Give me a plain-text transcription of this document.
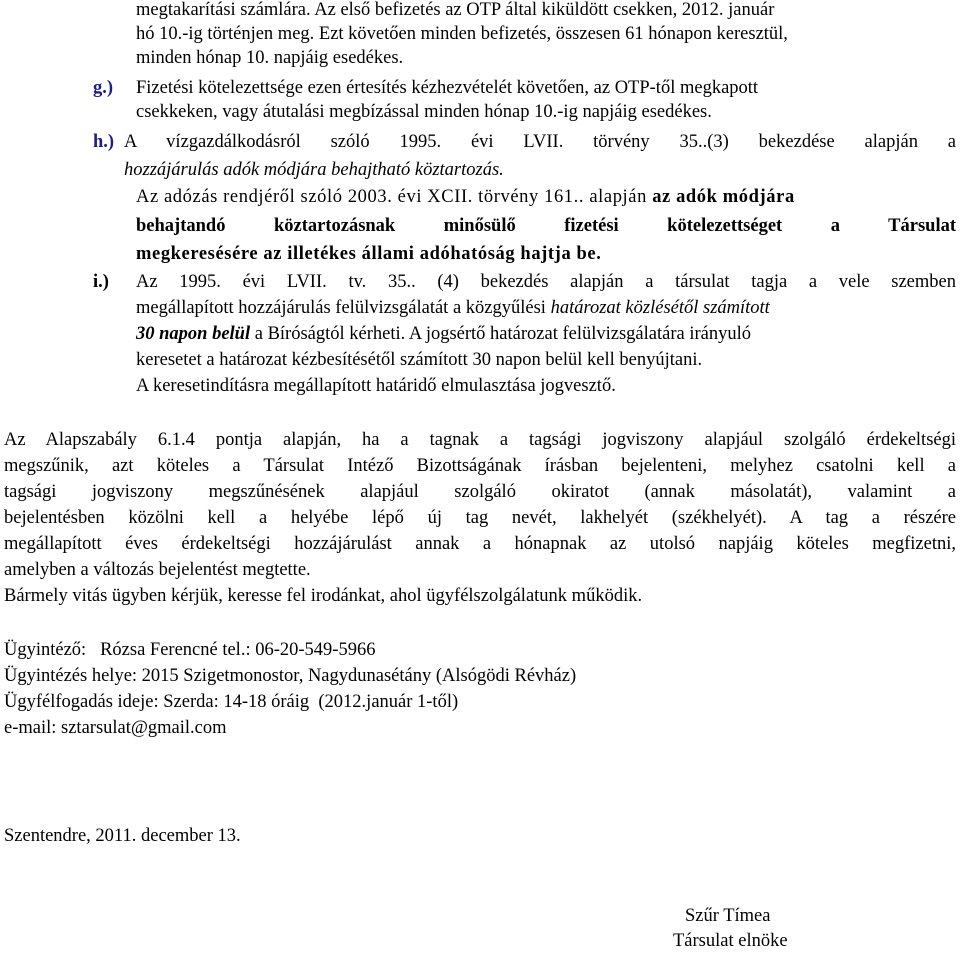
megtakarítási számlára. Az első befizetés az OTP által kiküldött csekken, 2012. január
hó 10.-ig történjen meg. Ezt követően minden befizetés, összesen 61 hónapon keresztül,
minden hónap 10. napjáig esedékes.
g.) Fizetési kötelezettsége ezen értesítés kézhezvételét követően, az OTP-től megkapott
csekkeken, vagy átutalási megbízással minden hónap 10.-ig napjáig esedékes.
h.) A vízgazdálkodásról szóló 1995. évi LVII. törvény 35..(3) bekezdése alapján a
hozzájárulás adók módjára behajtható köztartozás.
Az adózás rendjéről szóló 2003. évi XCII. törvény 161.. alapján az adók módjára
behajtandó köztartozásnak minősülő fizetési kötelezettséget a Társulat
megkeresésére az illetékes állami adóhatóság hajtja be.
i.) Az 1995. évi LVII. tv. 35.. (4) bekezdés alapján a társulat tagja a vele szemben
megállapított hozzájárulás felülvizsgálatát a közgyűlési határozat közlésétől számított
30 napon belül a Bíróságtól kérheti. A jogsértő határozat felülvizsgálatára irányuló
keresetet a határozat kézbesítésétől számított 30 napon belül kell benyújtani.
A keresetindításra megállapított határidő elmulasztása jogvesztő.
Az Alapszabály 6.1.4 pontja alapján, ha a tagnak a tagsági jogviszony alapjául szolgáló érdekeltségi
megszűnik, azt köteles a Társulat Intéző Bizottságának írásban bejelenteni, melyhez csatolni kell a
tagsági jogviszony megszűnésének alapjául szolgáló okiratot (annak másolatát), valamint a
bejelentésben közölni kell a helyébe lépő új tag nevét, lakhelyét (székhelyét). A tag a részére
megállapított éves érdekeltségi hozzájárulást annak a hónapnak az utolsó napjáig köteles megfizetni,
amelyben a változás bejelentést megtette.
Bármely vitás ügyben kérjük, keresse fel irodánkat, ahol ügyfélszolgálatunk működik.
Ügyintéző:   Rózsa Ferencné tel.: 06-20-549-5966
Ügyintézés helye: 2015 Szigetmonostor, Nagydunasétány (Alsógödi Révház)
Ügyfélfogadás ideje: Szerda: 14-18 óráig  (2012.január 1-től)
e-mail: sztarsulat@gmail.com
Szentendre, 2011. december 13.
Szűr Tímea
Társulat elnöke
